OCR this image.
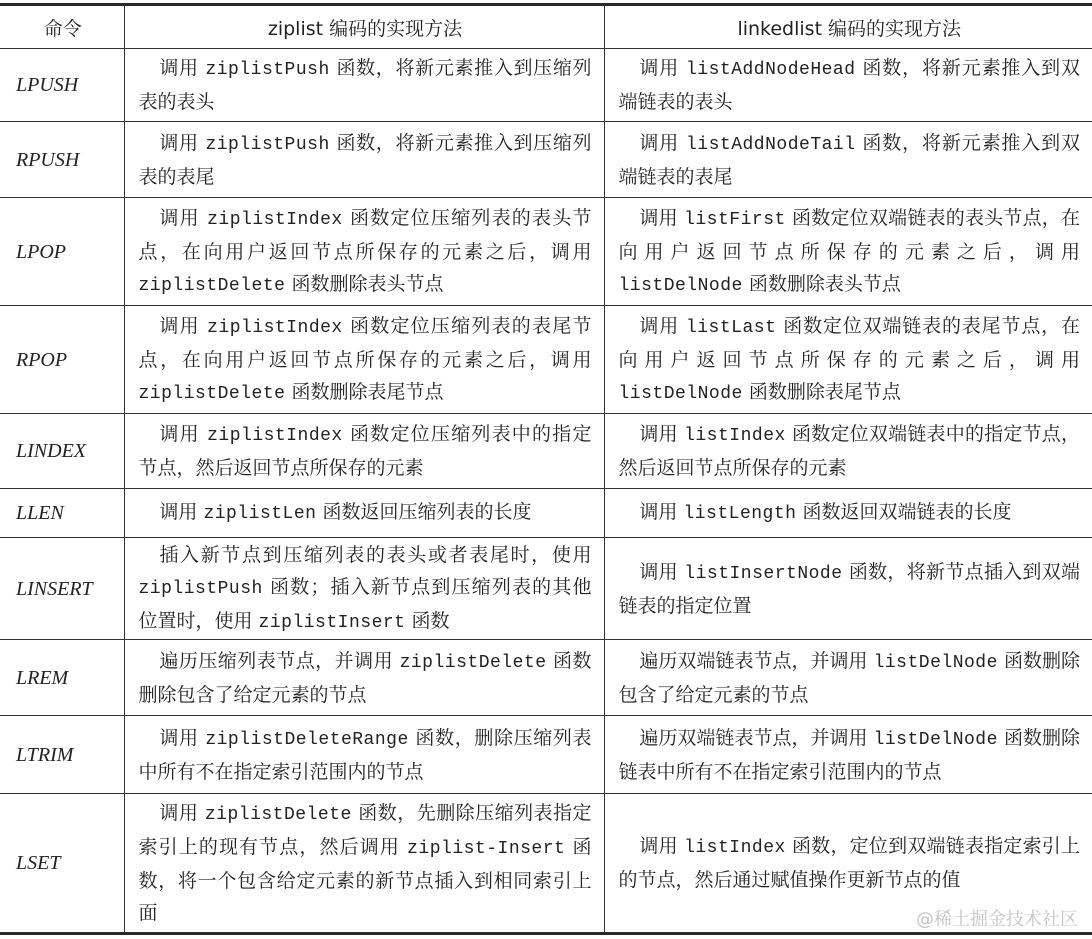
命令	ziplist 编码的实现方法	linkedlist 编码的实现方法
LPUSH	调用 ziplistPush 函数，将新元素推入到压缩列表的表头	调用 listAddNodeHead 函数，将新元素推入到双端链表的表头
RPUSH	调用 ziplistPush 函数，将新元素推入到压缩列表的表尾	调用 listAddNodeTail 函数，将新元素推入到双端链表的表尾
LPOP	调用 ziplistIndex 函数定位压缩列表的表头节点，在向用户返回节点所保存的元素之后，调用 ziplistDelete 函数删除表头节点	调用 listFirst 函数定位双端链表的表头节点，在向用户返回节点所保存的元素之后，调用 listDelNode 函数删除表头节点
RPOP	调用 ziplistIndex 函数定位压缩列表的表尾节点，在向用户返回节点所保存的元素之后，调用 ziplistDelete 函数删除表尾节点	调用 listLast 函数定位双端链表的表尾节点，在向用户返回节点所保存的元素之后，调用 listDelNode 函数删除表尾节点
LINDEX	调用 ziplistIndex 函数定位压缩列表中的指定节点，然后返回节点所保存的元素	调用 listIndex 函数定位双端链表中的指定节点，然后返回节点所保存的元素
LLEN	调用 ziplistLen 函数返回压缩列表的长度	调用 listLength 函数返回双端链表的长度
LINSERT	插入新节点到压缩列表的表头或者表尾时，使用 ziplistPush 函数；插入新节点到压缩列表的其他位置时，使用 ziplistInsert 函数	调用 listInsertNode 函数，将新节点插入到双端链表的指定位置
LREM	遍历压缩列表节点，并调用 ziplistDelete 函数删除包含了给定元素的节点	遍历双端链表节点，并调用 listDelNode 函数删除包含了给定元素的节点
LTRIM	调用 ziplistDeleteRange 函数，删除压缩列表中所有不在指定索引范围内的节点	遍历双端链表节点，并调用 listDelNode 函数删除链表中所有不在指定索引范围内的节点
LSET	调用 ziplistDelete 函数，先删除压缩列表指定索引上的现有节点，然后调用 ziplist-Insert 函数，将一个包含给定元素的新节点插入到相同索引上面	调用 listIndex 函数，定位到双端链表指定索引上的节点，然后通过赋值操作更新节点的值
@稀土掘金技术社区
